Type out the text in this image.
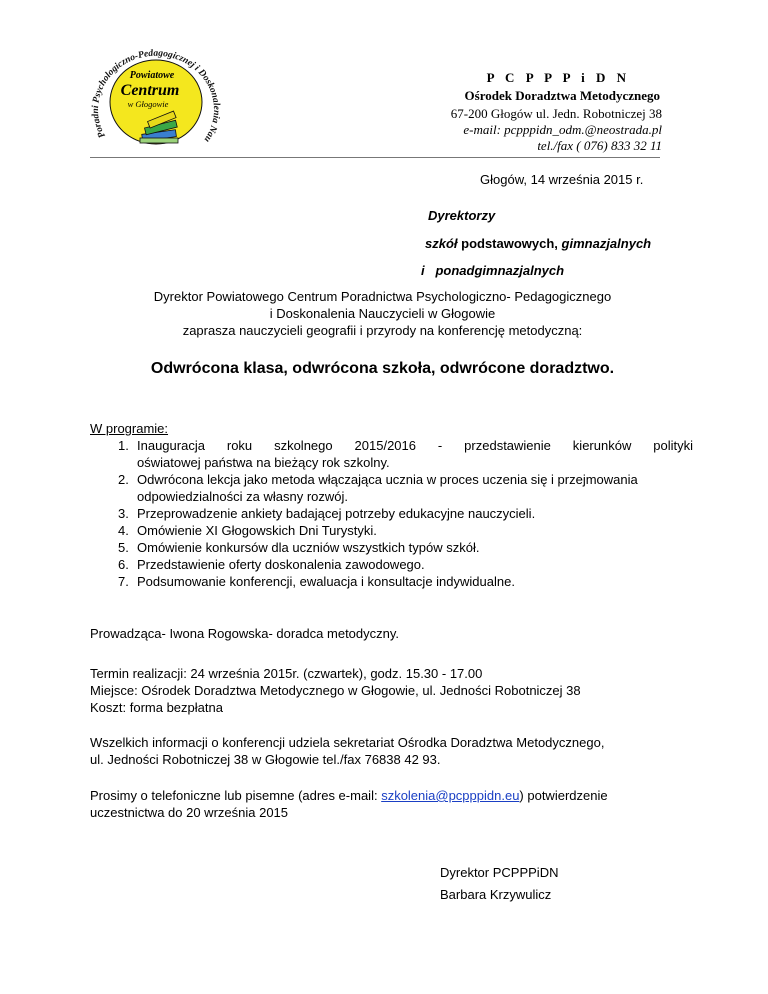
Poradni Psychologiczno-Pedagogicznej i Doskonalenia Nau
Powiatowe
Centrum
w Głogowie
P C P P P i D N
Ośrodek Doradztwa Metodycznego
67-200 Głogów ul. Jedn. Robotniczej 38
e-mail: pcpppidn_odm.@neostrada.pl
tel./fax ( 076) 833 32 11
Głogów, 14 września 2015 r.
Dyrektorzy
szkół podstawowych, gimnazjalnych
i ponadgimnazjalnych
Dyrektor Powiatowego Centrum Poradnictwa Psychologiczno- Pedagogicznego
i Doskonalenia Nauczycieli w Głogowie
zaprasza nauczycieli geografii i przyrody na konferencję metodyczną:
Odwrócona klasa, odwrócona szkoła, odwrócone doradztwo.
W programie:
1. Inauguracja roku szkolnego 2015/2016 - przedstawienie kierunków polityki
oświatowej państwa na bieżący rok szkolny.
2. Odwrócona lekcja jako metoda włączająca ucznia w proces uczenia się i przejmowania
odpowiedzialności za własny rozwój.
3. Przeprowadzenie ankiety badającej potrzeby edukacyjne nauczycieli.
4. Omówienie XI Głogowskich Dni Turystyki.
5. Omówienie konkursów dla uczniów wszystkich typów szkół.
6. Przedstawienie oferty doskonalenia zawodowego.
7. Podsumowanie konferencji, ewaluacja i konsultacje indywidualne.
Prowadząca- Iwona Rogowska- doradca metodyczny.
Termin realizacji: 24 września 2015r. (czwartek), godz. 15.30 - 17.00
Miejsce: Ośrodek Doradztwa Metodycznego w Głogowie, ul. Jedności Robotniczej 38
Koszt: forma bezpłatna
Wszelkich informacji o konferencji udziela sekretariat Ośrodka Doradztwa Metodycznego,
ul. Jedności Robotniczej 38 w Głogowie tel./fax 76838 42 93.
Prosimy o telefoniczne lub pisemne (adres e-mail: szkolenia@pcpppidn.eu) potwierdzenie
uczestnictwa do 20 września 2015
Dyrektor PCPPPiDN
Barbara Krzywulicz
